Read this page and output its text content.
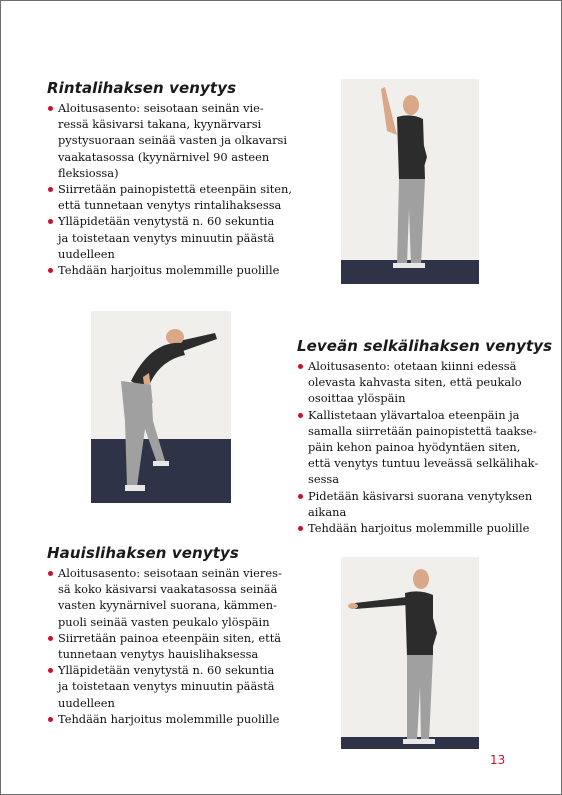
Rintalihaksen venytys
Aloitusasento: seisotaan seinän vie-
ressä käsivarsi takana, kyynärvarsi
pystysuoraan seinää vasten ja olkavarsi
vaakatasossa (kyynärnivel 90 asteen
fleksiossa)
Siirretään painopistettä eteenpäin siten,
että tunnetaan venytys rintalihaksessa
Ylläpidetään venytystä n. 60 sekuntia
ja toistetaan venytys minuutin päästä
uudelleen
Tehdään harjoitus molemmille puolille
Leveän selkälihaksen venytys
Aloitusasento: otetaan kiinni edessä
olevasta kahvasta siten, että peukalo
osoittaa ylöspäin
Kallistetaan ylävartaloa eteenpäin ja
samalla siirretään painopistettä taakse-
päin kehon painoa hyödyntäen siten,
että venytys tuntuu leveässä selkälihak-
sessa
Pidetään käsivarsi suorana venytyksen
aikana
Tehdään harjoitus molemmille puolille
Hauislihaksen venytys
Aloitusasento: seisotaan seinän vieres-
sä koko käsivarsi vaakatasossa seinää
vasten kyynärnivel suorana, kämmen-
puoli seinää vasten peukalo ylöspäin
Siirretään painoa eteenpäin siten, että
tunnetaan venytys hauislihaksessa
Ylläpidetään venytystä n. 60 sekuntia
ja toistetaan venytys minuutin päästä
uudelleen
Tehdään harjoitus molemmille puolille
13
